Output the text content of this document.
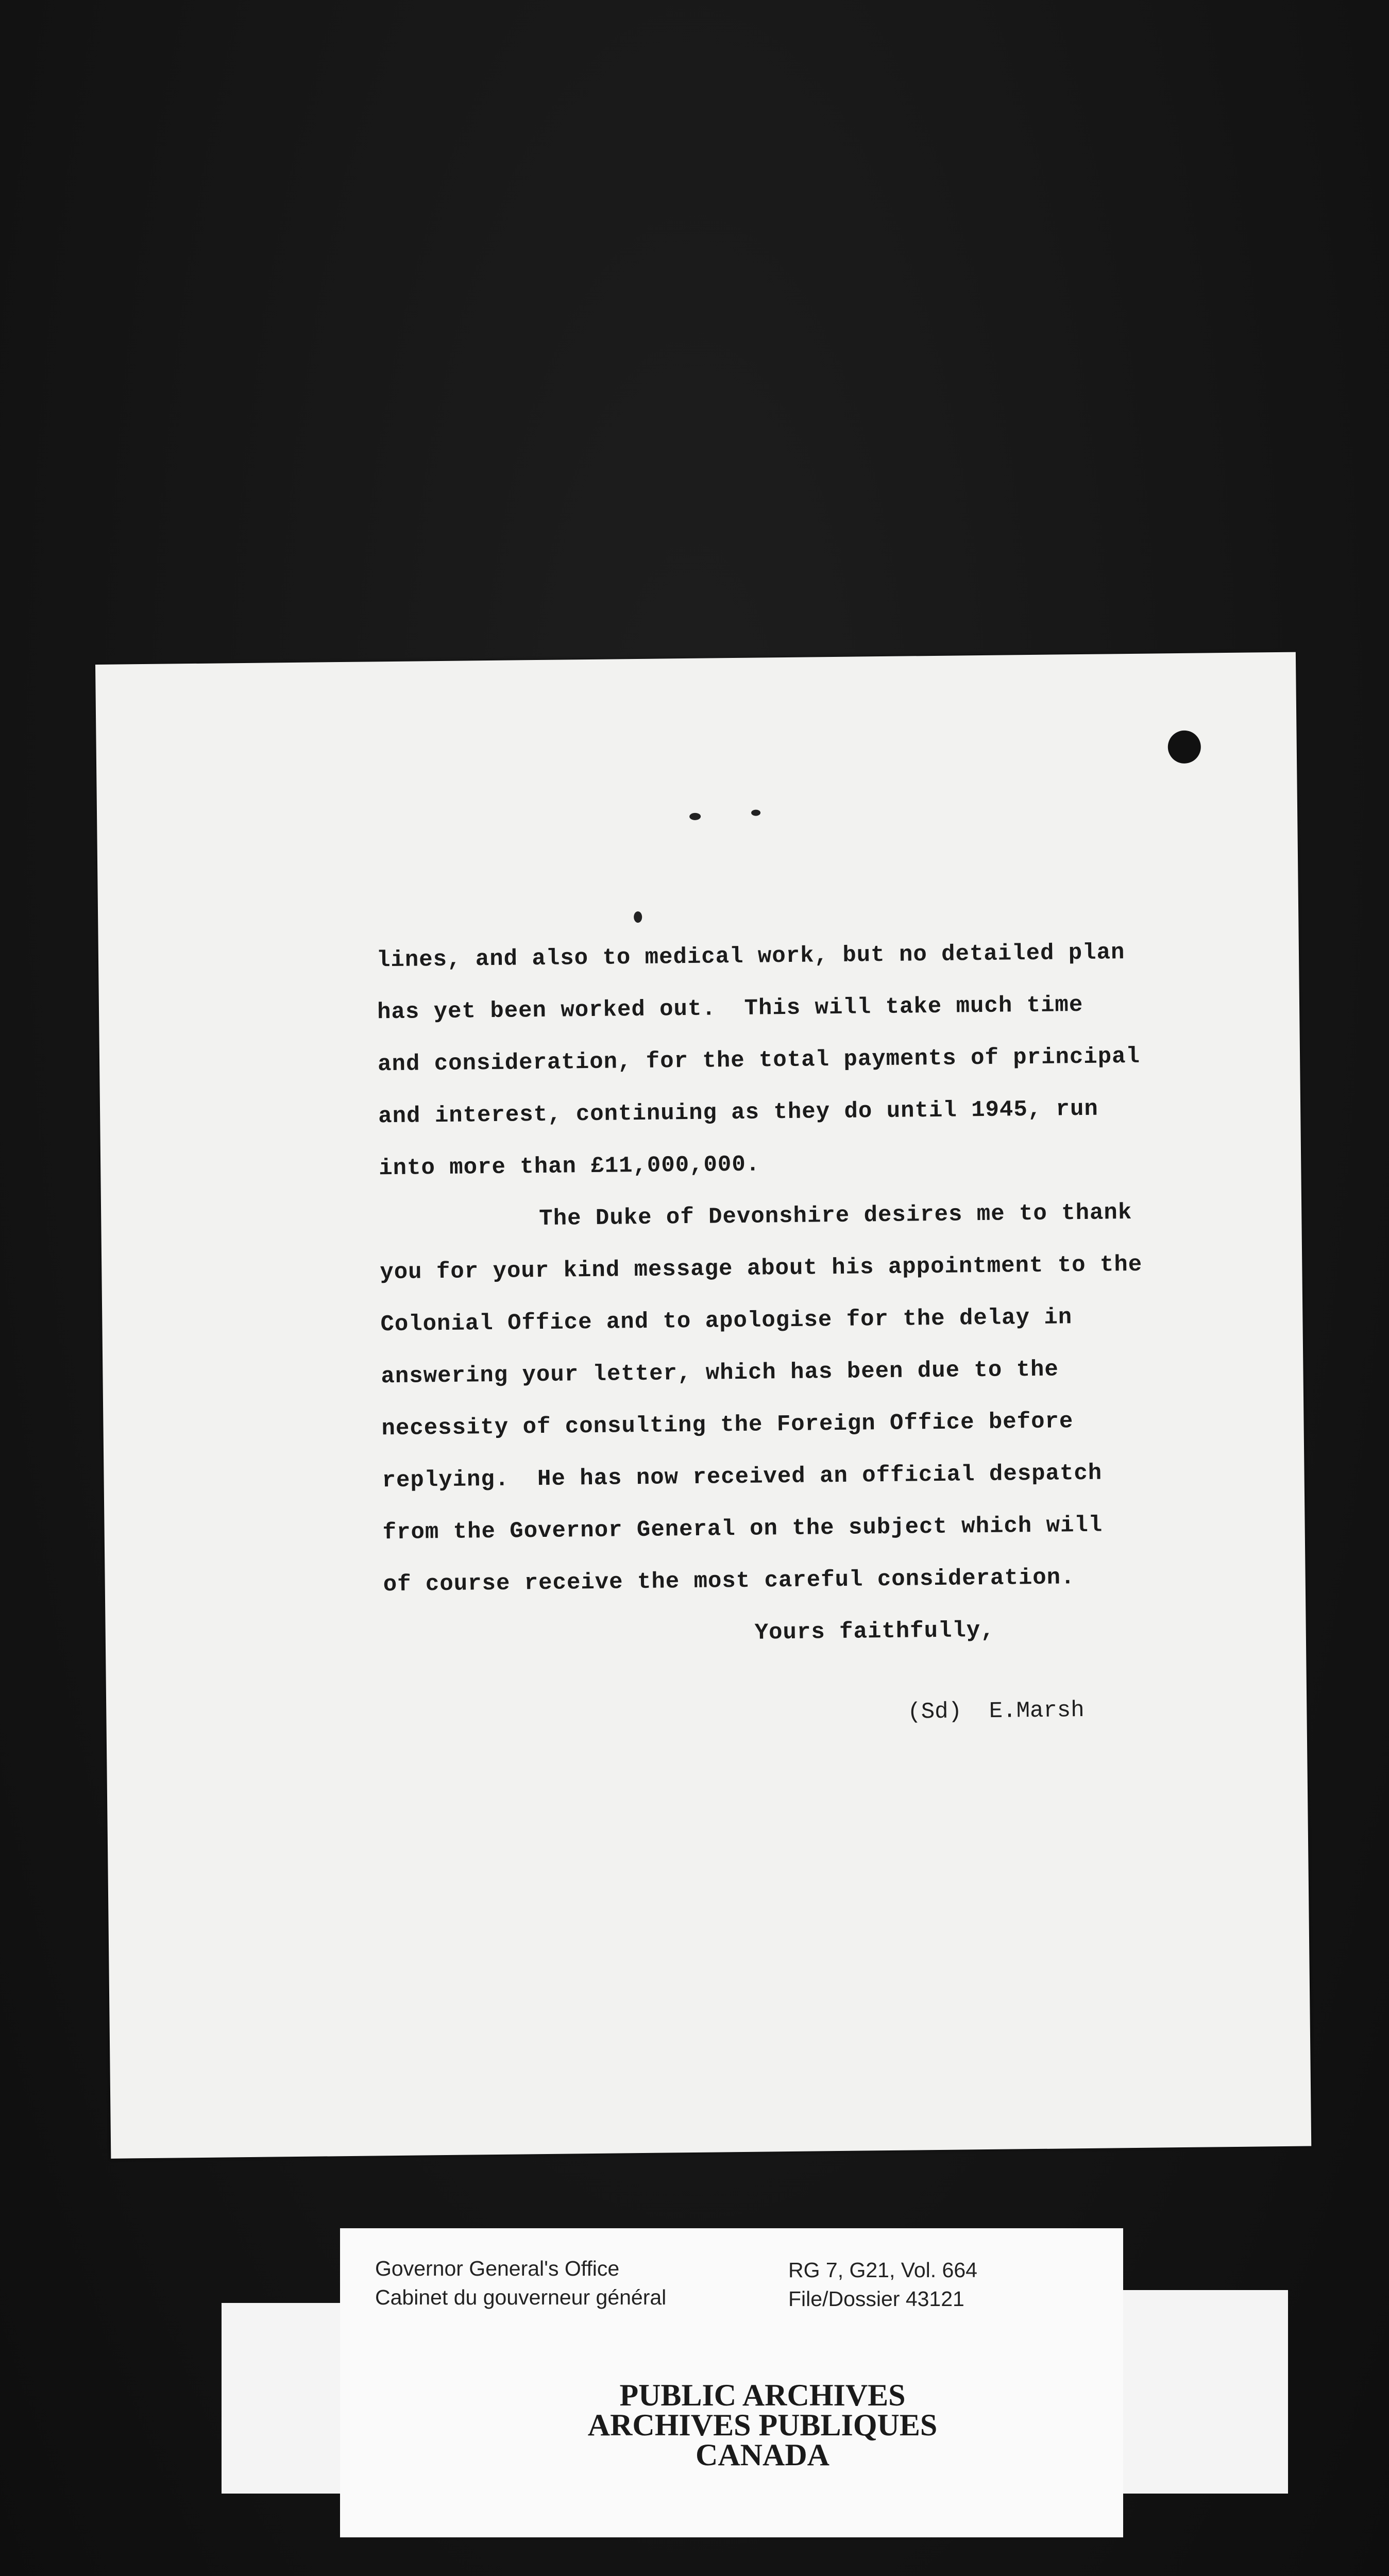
lines, and also to medical work, but no detailed plan
has yet been worked out.  This will take much time
and consideration, for the total payments of principal
and interest, continuing as they do until 1945, run
into more than £11,000,000.
The Duke of Devonshire desires me to thank
you for your kind message about his appointment to the
Colonial Office and to apologise for the delay in
answering your letter, which has been due to the
necessity of consulting the Foreign Office before
replying.  He has now received an official despatch
from the Governor General on the subject which will
of course receive the most careful consideration.
Yours faithfully,
(Sd)  E.Marsh
Governor General's Office
Cabinet du gouverneur général
RG 7, G21, Vol. 664
File/Dossier 43121
PUBLIC ARCHIVES
ARCHIVES PUBLIQUES
CANADA
